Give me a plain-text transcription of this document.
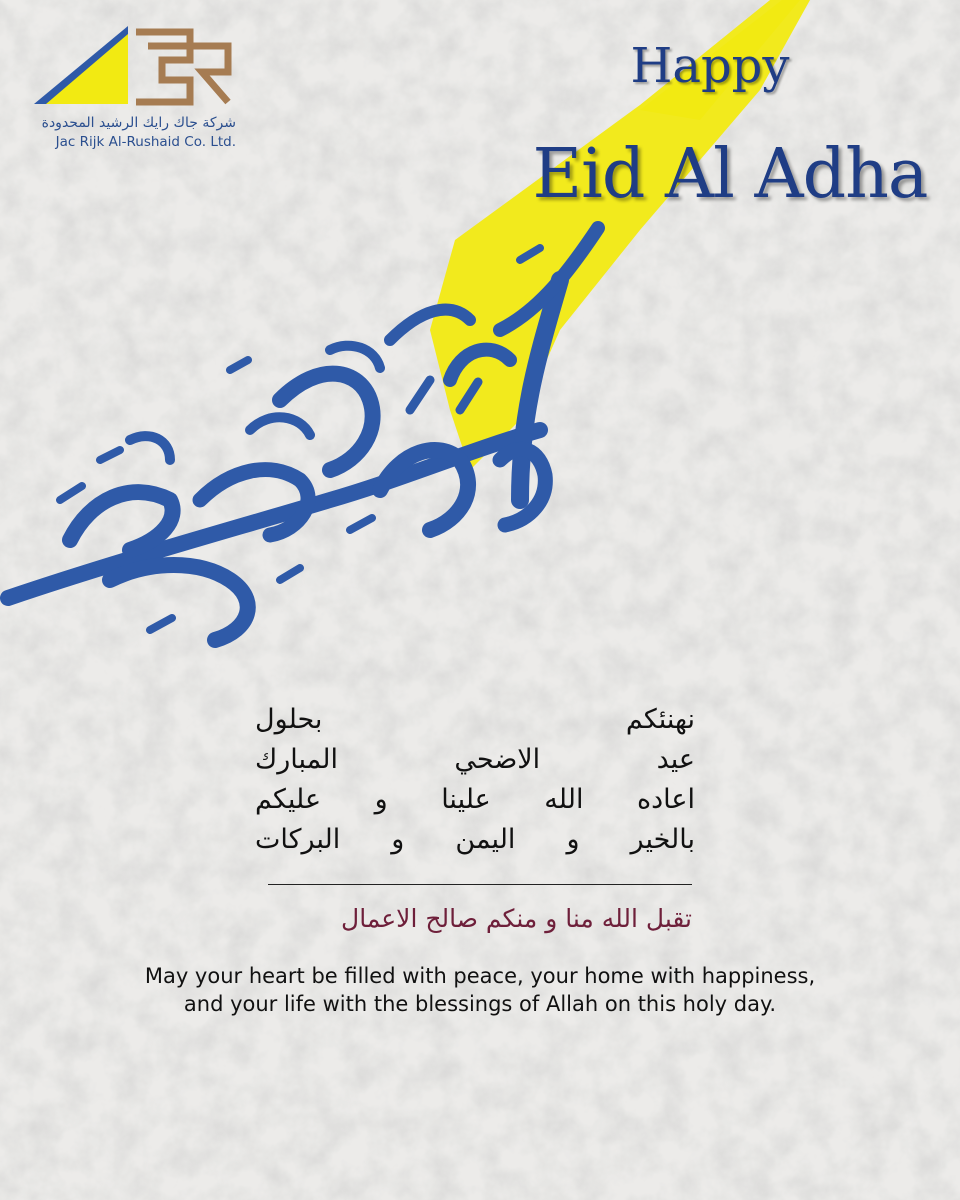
شركة جاك رايك الرشيد المحدودة
Jac Rijk Al-Rushaid Co. Ltd.
Happy
Eid Al Adha
عيد أضحى
نهنئكم بحلول
عيد الاضحي المبارك
اعاده الله علينا و عليكم
بالخير و اليمن و البركات
تقبل الله منا و منكم صالح الاعمال
May your heart be filled with peace, your home with happiness,
and your life with the blessings of Allah on this holy day.
